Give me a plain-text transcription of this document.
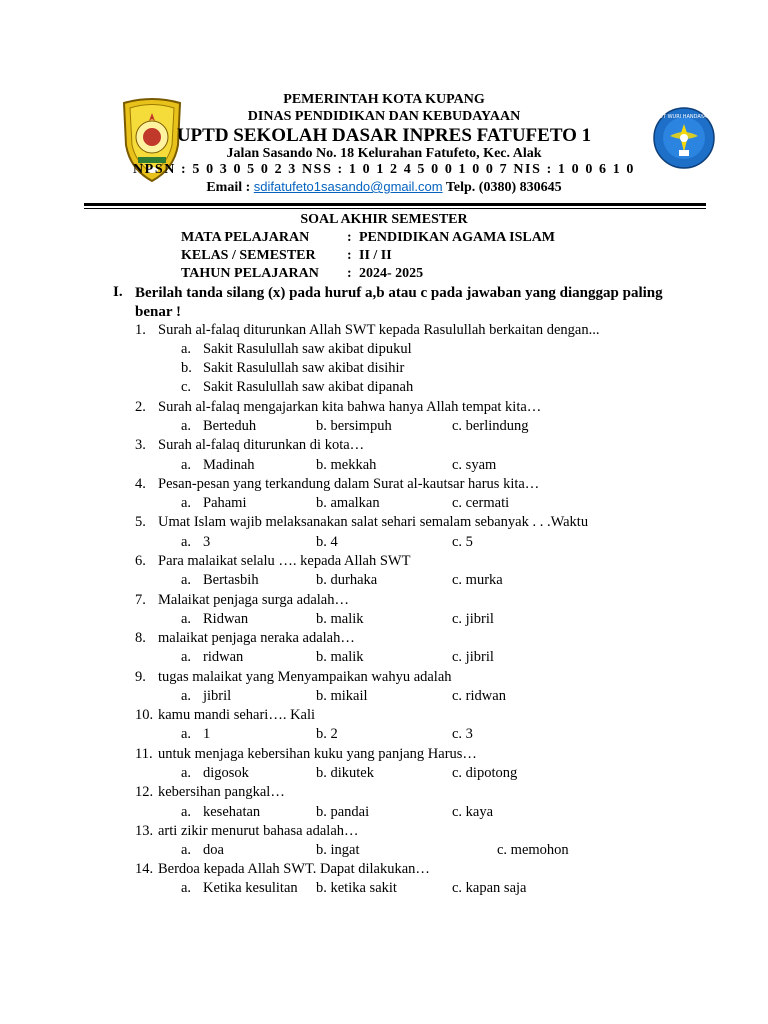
TUT WURI HANDAYANI
PEMERINTAH KOTA KUPANG
DINAS PENDIDIKAN DAN KEBUDAYAAN
UPTD SEKOLAH DASAR INPRES FATUFETO 1
Jalan Sasando No. 18 Kelurahan Fatufeto, Kec. Alak
NPSN : 5 0 3 0 5 0 2 3 NSS : 1 0 1 2 4 5 0 0 1 0 0 7 NIS : 1 0 0 6 1 0
Email : sdifatufeto1sasando@gmail.com Telp. (0380) 830645
SOAL AKHIR SEMESTER
MATA PELAJARAN	: PENDIDIKAN AGAMA ISLAM
KELAS / SEMESTER : II / II
TAHUN PELAJARAN : 2024- 2025
I. Berilah tanda silang (x) pada huruf a,b atau c pada jawaban yang dianggap paling benar !
1. Surah al-falaq diturunkan Allah SWT kepada Rasulullah berkaitan dengan...
a. Sakit Rasulullah saw akibat dipukul
b. Sakit Rasulullah saw akibat disihir
c. Sakit Rasulullah saw akibat dipanah
2. Surah al-falaq mengajarkan kita bahwa hanya Allah tempat kita…
a. Berteduh	b. bersimpuh	c. berlindung
3. Surah al-falaq diturunkan di kota…
a. Madinah	b. mekkah	c. syam
4. Pesan-pesan yang terkandung dalam Surat al-kautsar harus kita…
a. Pahami	b. amalkan	c. cermati
5. Umat Islam wajib melaksanakan salat sehari semalam sebanyak . . .Waktu
a. 3	b. 4	c. 5
6. Para malaikat selalu …. kepada Allah SWT
a. Bertasbih	b. durhaka	c. murka
7. Malaikat penjaga surga adalah…
a. Ridwan	b. malik	c. jibril
8. malaikat penjaga neraka adalah…
a. ridwan	b. malik	c. jibril
9. tugas malaikat yang Menyampaikan wahyu adalah
a. jibril	b. mikail	c. ridwan
10. kamu mandi sehari…. Kali
a. 1	b. 2	c. 3
11. untuk menjaga kebersihan kuku yang panjang Harus…
a. digosok	b. dikutek	c. dipotong
12. kebersihan pangkal…
a. kesehatan	b. pandai	c. kaya
13. arti zikir menurut bahasa adalah…
a. doa	b. ingat	c. memohon
14. Berdoa kepada Allah SWT. Dapat dilakukan…
a. Ketika kesulitan b. ketika sakit	c. kapan saja
